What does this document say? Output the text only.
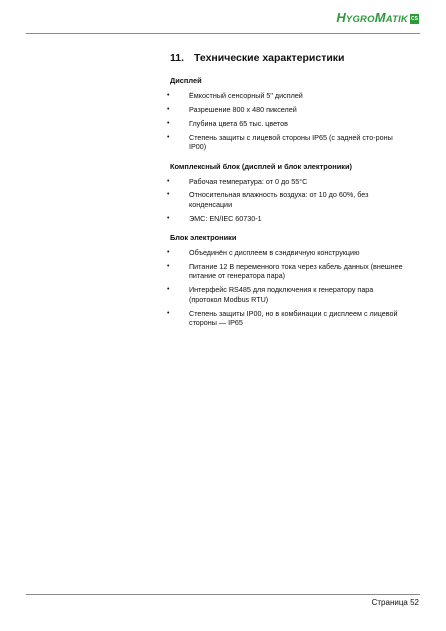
HYGROMATIK CS
11. Технические характеристики
Дисплей
•	Ёмкостный сенсорный 5" дисплей
•	Разрешение 800 x 480 пикселей
•	Глубина цвета 65 тыс. цветов
•	Степень защиты с лицевой стороны IP65 (с задней сто-роны IP00)
Комплексный блок (дисплей и блок электроники)
•	Рабочая температура: от 0 до 55°C
•	Относительная влажность воздуха: от 10 до 60%, без конденсации
•	ЭМС: EN/IEC 60730-1
Блок электроники
•	Объединён с дисплеем в сэндвичную конструкцию
•	Питание 12 В переменного тока через кабель данных (внешнее питание от генератора пара)
•	Интерфейс RS485 для подключения к генератору пара (протокол Modbus RTU)
•	Степень защиты IP00, но в комбинации с дисплеем с лицевой стороны — IP65
Страница 52
